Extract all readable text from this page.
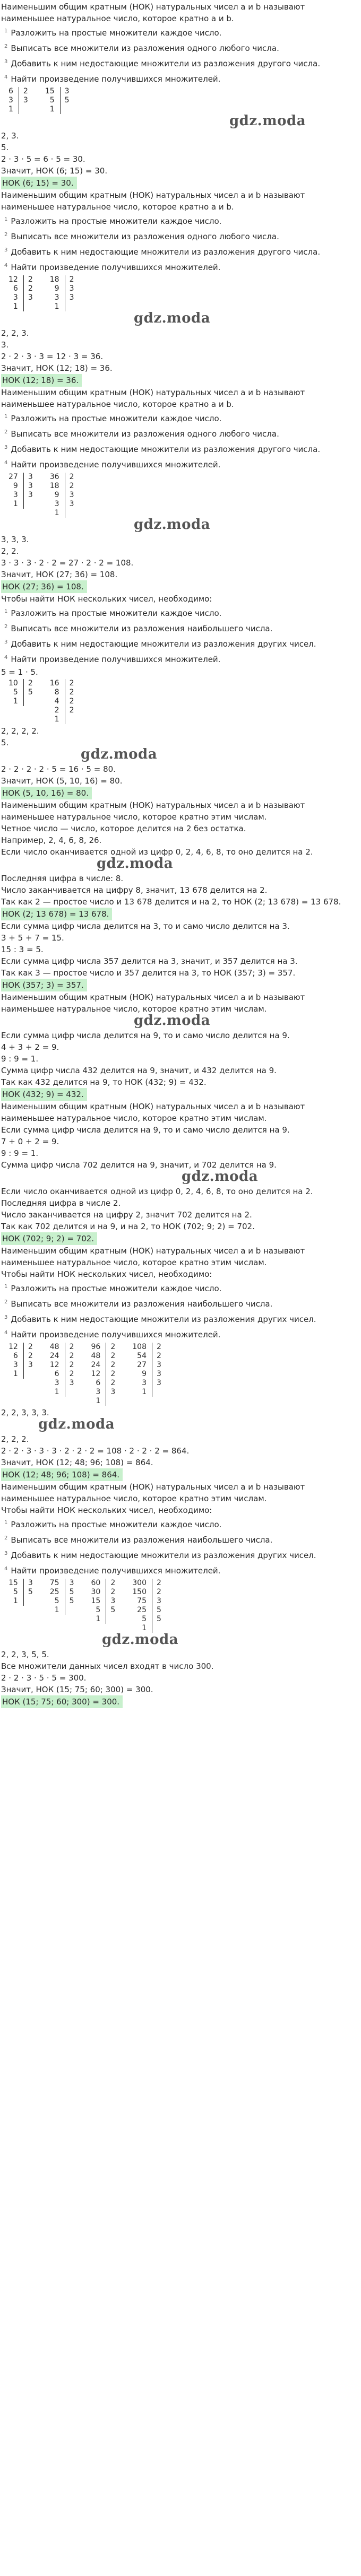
Наименьшим общим кратным (НОК) натуральных чисел a и b называют
наименьшее натуральное число, которое кратно a и b.
$^1$ Разложить на простые множители каждое число.
$^2$ Выписать все множители из разложения одного любого числа.
$^3$ Добавить к ним недостающие множители из разложения другого числа.
$^4$ Найти произведение получившихся множителей.
6	2		15	3
3	3		5	5
1			1	
gdz.moda
2, 3.
5.
2 · 3 · 5 = 6 · 5 = 30.
Значит, НОК (6; 15) = 30.
НОК (6; 15) = 30.
Наименьшим общим кратным (НОК) натуральных чисел a и b называют
наименьшее натуральное число, которое кратно a и b.
$^1$ Разложить на простые множители каждое число.
$^2$ Выписать все множители из разложения одного любого числа.
$^3$ Добавить к ним недостающие множители из разложения другого числа.
$^4$ Найти произведение получившихся множителей.
12	2		18	2
6	2		9	3
3	3		3	3
1			1	
gdz.moda
2, 2, 3.
3.
2 · 2 · 3 · 3 = 12 · 3 = 36.
Значит, НОК (12; 18) = 36.
НОК (12; 18) = 36.
Наименьшим общим кратным (НОК) натуральных чисел a и b называют
наименьшее натуральное число, которое кратно a и b.
$^1$ Разложить на простые множители каждое число.
$^2$ Выписать все множители из разложения одного любого числа.
$^3$ Добавить к ним недостающие множители из разложения другого числа.
$^4$ Найти произведение получившихся множителей.
27	3		36	2
9	3		18	2
3	3		9	3
1			3	3
			1	
gdz.moda
3, 3, 3.
2, 2.
3 · 3 · 3 · 2 · 2 = 27 · 2 · 2 = 108.
Значит, НОК (27; 36) = 108.
НОК (27; 36) = 108.
Чтобы найти НОК нескольких чисел, необходимо:
$^1$ Разложить на простые множители каждое число.
$^2$ Выписать все множители из разложения наибольшего числа.
$^3$ Добавить к ним недостающие множители из разложения других чисел.
$^4$ Найти произведение получившихся множителей.
5 = 1 · 5.
10	2		16	2
5	5		8	2
1			4	2
			2	2
			1	
2, 2, 2, 2.
5.
gdz.moda
2 · 2 · 2 · 2 · 5 = 16 · 5 = 80.
Значит, НОК (5, 10, 16) = 80.
НОК (5, 10, 16) = 80.
Наименьшим общим кратным (НОК) натуральных чисел a и b называют
наименьшее натуральное число, которое кратно этим числам.
Четное число — число, которое делится на 2 без остатка.
Например, 2, 4, 6, 8, 26.
Если число оканчивается одной из цифр 0, 2, 4, 6, 8, то оно делится на 2.
gdz.moda
Последняя цифра в числе: 8.
Число заканчивается на цифру 8, значит, 13 678 делится на 2.
Так как 2 — простое число и 13 678 делится и на 2, то НОК (2; 13 678) = 13 678.
НОК (2; 13 678) = 13 678.
Если сумма цифр числа делится на 3, то и само число делится на 3.
3 + 5 + 7 = 15.
15 : 3 = 5.
Если сумма цифр числа 357 делится на 3, значит, и 357 делится на 3.
Так как 3 — простое число и 357 делится на 3, то НОК (357; 3) = 357.
НОК (357; 3) = 357.
Наименьшим общим кратным (НОК) натуральных чисел a и b называют
наименьшее натуральное число, которое кратно этим числам.
gdz.moda
Если сумма цифр числа делится на 9, то и само число делится на 9.
4 + 3 + 2 = 9.
9 : 9 = 1.
Сумма цифр числа 432 делится на 9, значит, и 432 делится на 9.
Так как 432 делится на 9, то НОК (432; 9) = 432.
НОК (432; 9) = 432.
Наименьшим общим кратным (НОК) натуральных чисел a и b называют
наименьшее натуральное число, которое кратно этим числам.
Если сумма цифр числа делится на 9, то и само число делится на 9.
7 + 0 + 2 = 9.
9 : 9 = 1.
Сумма цифр числа 702 делится на 9, значит, и 702 делится на 9.
gdz.moda
Если число оканчивается одной из цифр 0, 2, 4, 6, 8, то оно делится на 2.
Последняя цифра в числе 2.
Число заканчивается на цифру 2, значит 702 делится на 2.
Так как 702 делится и на 9, и на 2, то НОК (702; 9; 2) = 702.
НОК (702; 9; 2) = 702.
Наименьшим общим кратным (НОК) натуральных чисел a и b называют
наименьшее натуральное число, которое кратно этим числам.
Чтобы найти НОК нескольких чисел, необходимо:
$^1$ Разложить на простые множители каждое число.
$^2$ Выписать все множители из разложения наибольшего числа.
$^3$ Добавить к ним недостающие множители из разложения других чисел.
$^4$ Найти произведение получившихся множителей.
12	2		48	2		96	2		108	2
6	2		24	2		48	2		54	2
3	3		12	2		24	2		27	3
1			6	2		12	2		9	3
			3	3		6	2		3	3
			1			3	3		1	
						1				
2, 2, 3, 3, 3.
gdz.moda
2, 2, 2.
2 · 2 · 3 · 3 · 3 · 2 · 2 · 2 = 108 · 2 · 2 · 2 = 864.
Значит, НОК (12; 48; 96; 108) = 864.
НОК (12; 48; 96; 108) = 864.
Наименьшим общим кратным (НОК) натуральных чисел a и b называют
наименьшее натуральное число, которое кратно этим числам.
Чтобы найти НОК нескольких чисел, необходимо:
$^1$ Разложить на простые множители каждое число.
$^2$ Выписать все множители из разложения наибольшего числа.
$^3$ Добавить к ним недостающие множители из разложения других чисел.
$^4$ Найти произведение получившихся множителей.
15	3		75	3		60	2		300	2
5	5		25	5		30	2		150	2
1			5	5		15	3		75	3
			1			5	5		25	5
						1			5	5
									1	
gdz.moda
2, 2, 3, 5, 5.
Все множители данных чисел входят в число 300.
2 · 2 · 3 · 5 · 5 = 300.
Значит, НОК (15; 75; 60; 300) = 300.
НОК (15; 75; 60; 300) = 300.
